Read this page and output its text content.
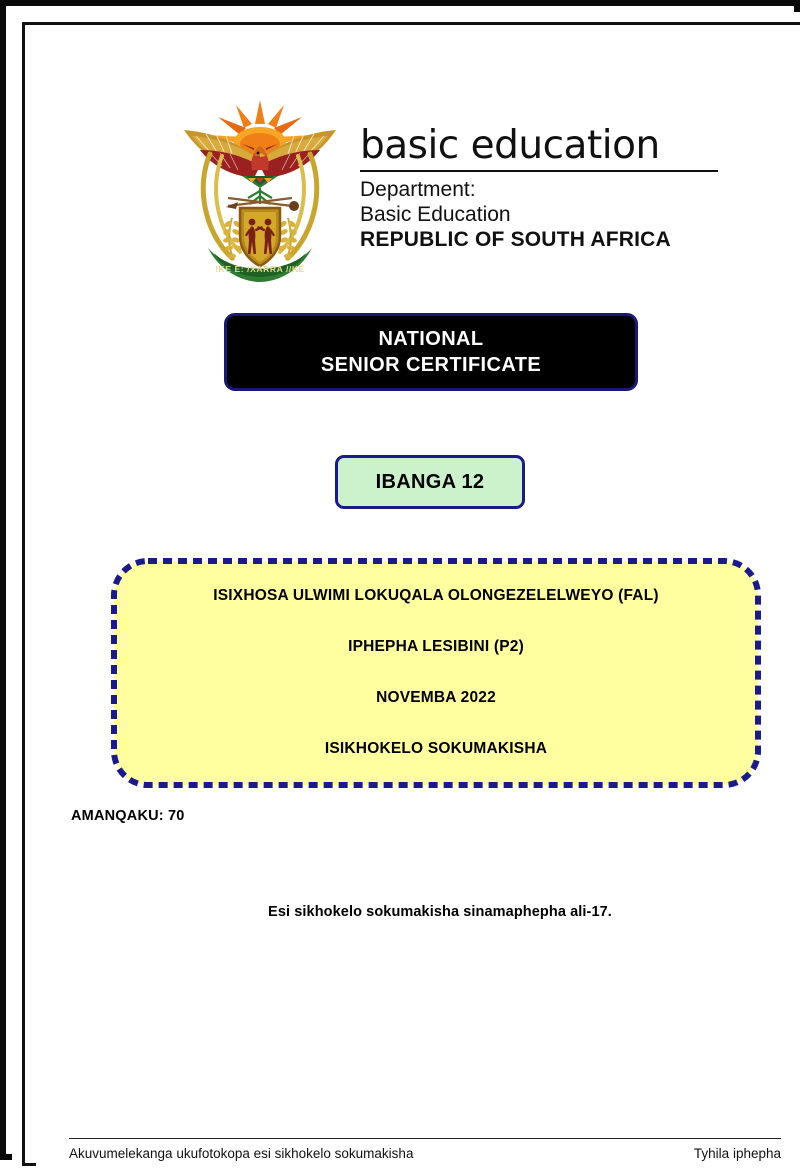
!KE E: /XARRA //KE
basic education
Department:
Basic Education
REPUBLIC OF SOUTH AFRICA
NATIONAL
SENIOR CERTIFICATE
IBANGA 12
ISIXHOSA ULWIMI LOKUQALA OLONGEZELELWEYO (FAL)
IPHEPHA LESIBINI (P2)
NOVEMBA 2022
ISIKHOKELO SOKUMAKISHA
AMANQAKU: 70
Esi sikhokelo sokumakisha sinamaphepha ali-17.
Akuvumelekanga ukufotokopa esi sikhokelo sokumakisha	Tyhila iphepha
